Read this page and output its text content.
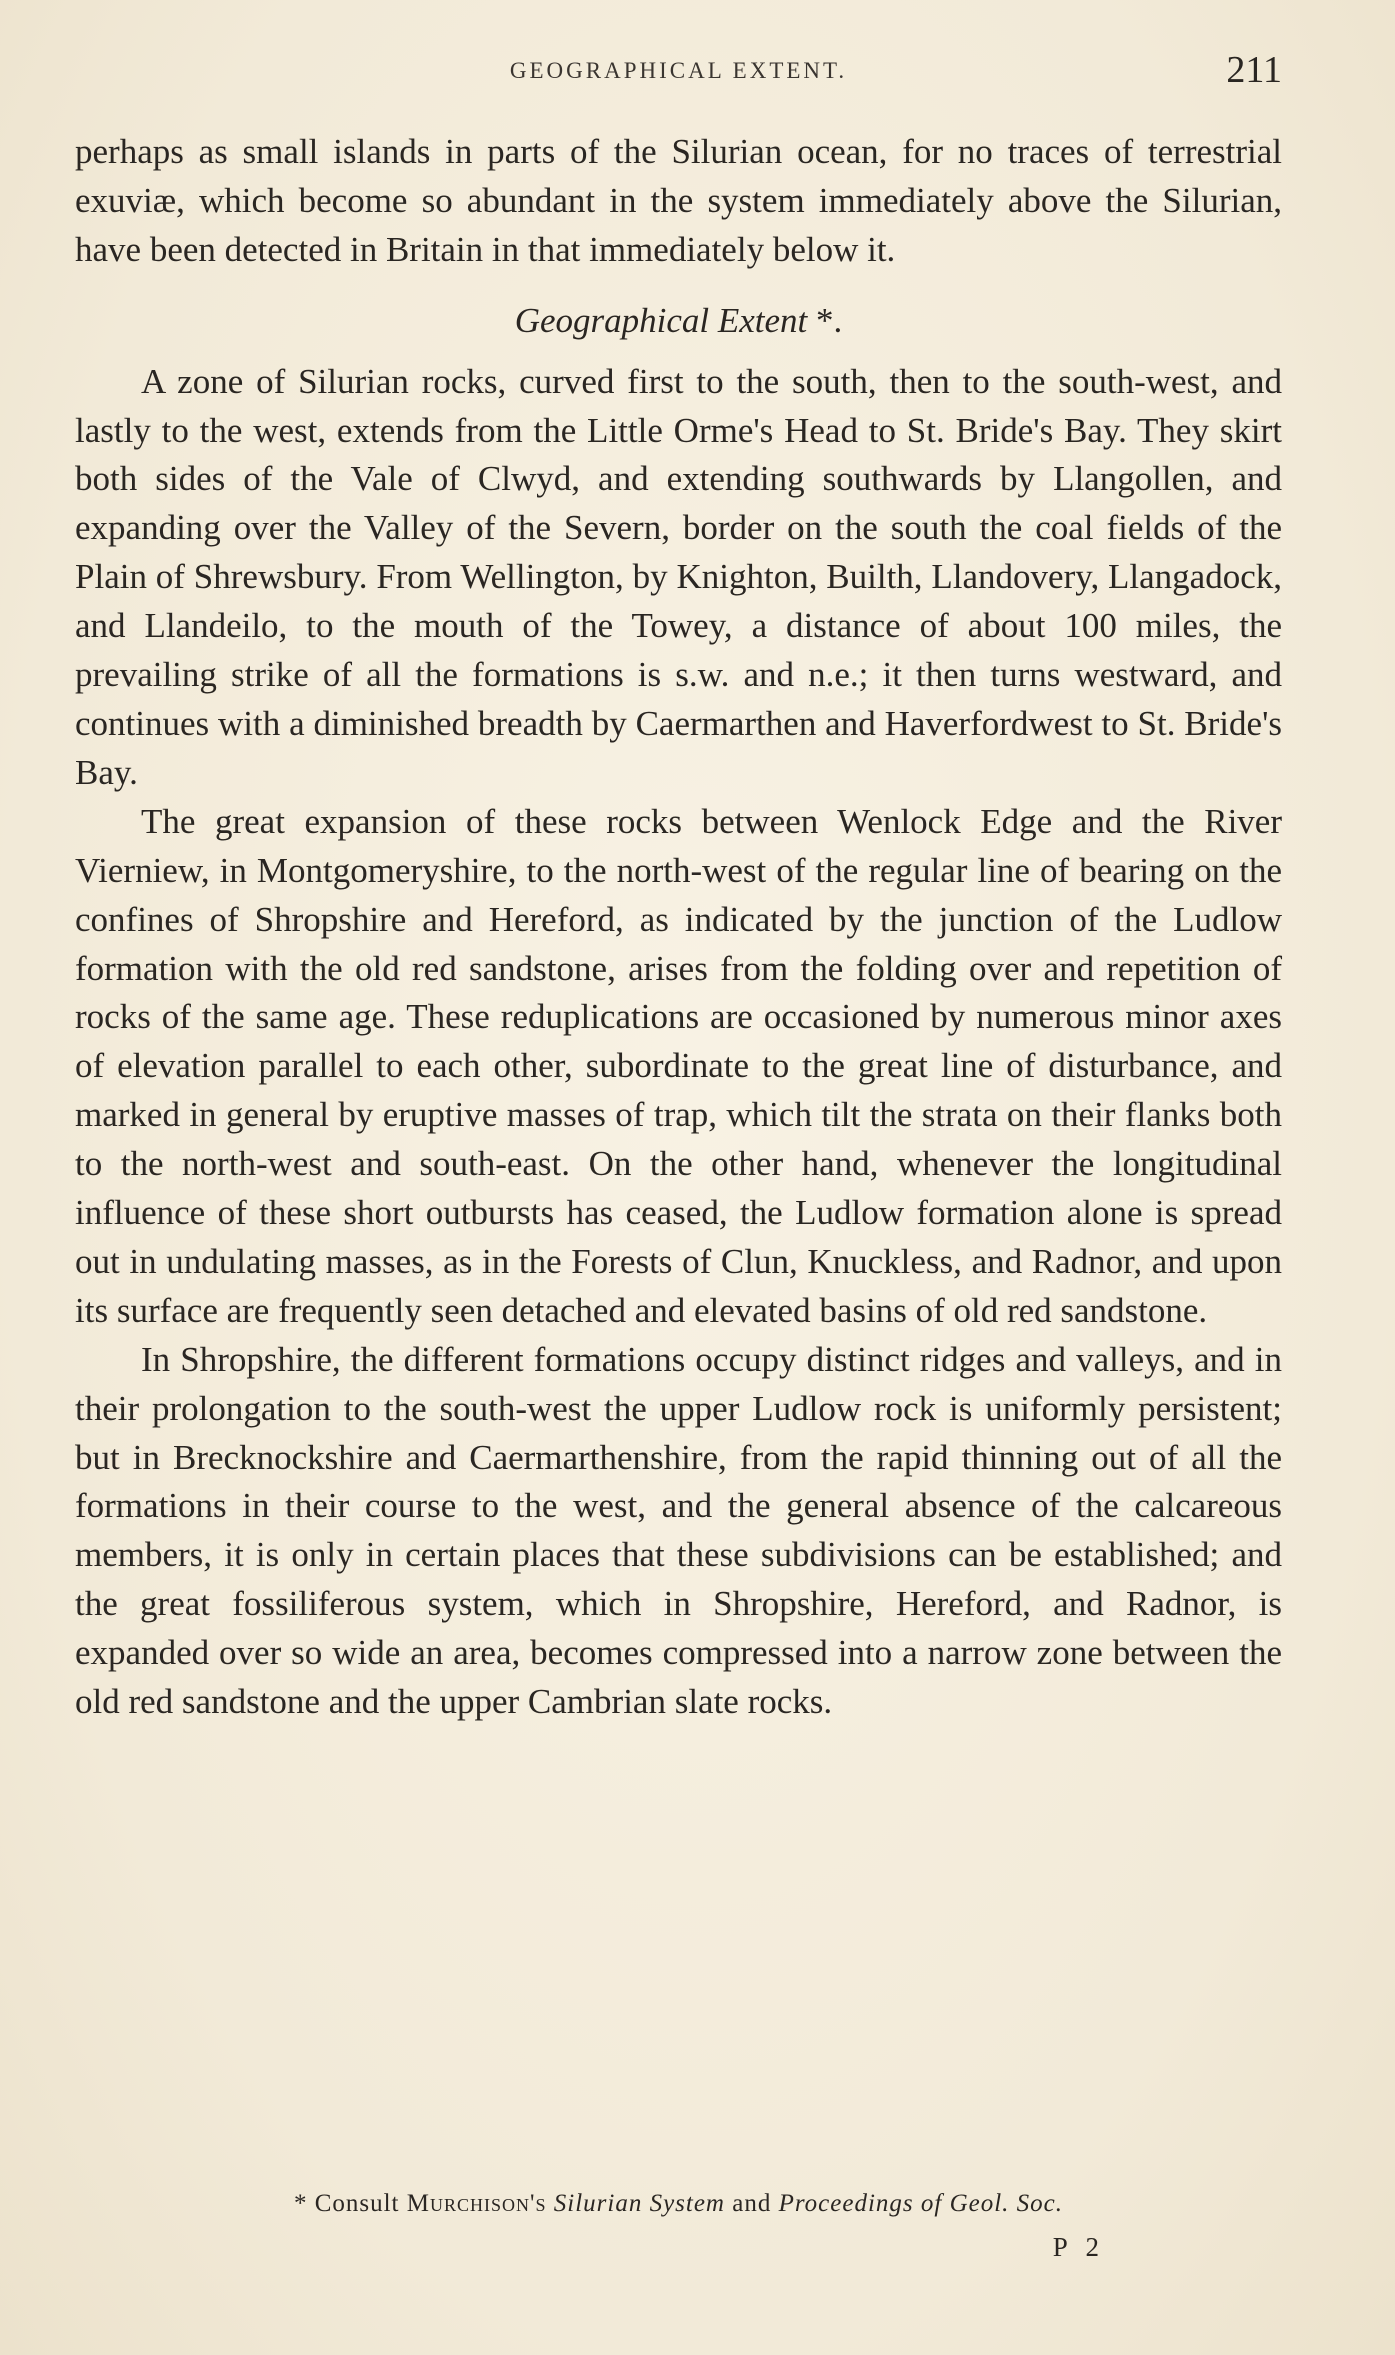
GEOGRAPHICAL EXTENT.	211

perhaps as small islands in parts of the Silurian ocean, for no traces of terrestrial exuviæ, which become so abundant in the system immediately above the Silurian, have been detected in Britain in that immediately below it.

Geographical Extent *.

A zone of Silurian rocks, curved first to the south, then to the south-west, and lastly to the west, extends from the Little Orme's Head to St. Bride's Bay. They skirt both sides of the Vale of Clwyd, and extending southwards by Llangollen, and expanding over the Valley of the Severn, border on the south the coal fields of the Plain of Shrewsbury. From Wellington, by Knighton, Builth, Llandovery, Llangadock, and Llandeilo, to the mouth of the Towey, a distance of about 100 miles, the prevailing strike of all the formations is s.w. and n.e.; it then turns westward, and continues with a diminished breadth by Caermarthen and Haverfordwest to St. Bride's Bay.

The great expansion of these rocks between Wenlock Edge and the River Vierniew, in Montgomeryshire, to the north-west of the regular line of bearing on the confines of Shropshire and Hereford, as indicated by the junction of the Ludlow formation with the old red sandstone, arises from the folding over and repetition of rocks of the same age. These reduplications are occasioned by numerous minor axes of elevation parallel to each other, subordinate to the great line of disturbance, and marked in general by eruptive masses of trap, which tilt the strata on their flanks both to the north-west and south-east. On the other hand, whenever the longitudinal influence of these short outbursts has ceased, the Ludlow formation alone is spread out in undulating masses, as in the Forests of Clun, Knuckless, and Radnor, and upon its surface are frequently seen detached and elevated basins of old red sandstone.

In Shropshire, the different formations occupy distinct ridges and valleys, and in their prolongation to the south-west the upper Ludlow rock is uniformly persistent; but in Brecknockshire and Caermarthenshire, from the rapid thinning out of all the formations in their course to the west, and the general absence of the calcareous members, it is only in certain places that these subdivisions can be established; and the great fossiliferous system, which in Shropshire, Hereford, and Radnor, is expanded over so wide an area, becomes compressed into a narrow zone between the old red sandstone and the upper Cambrian slate rocks.

* Consult Murchison's Silurian System and Proceedings of Geol. Soc.
P 2
